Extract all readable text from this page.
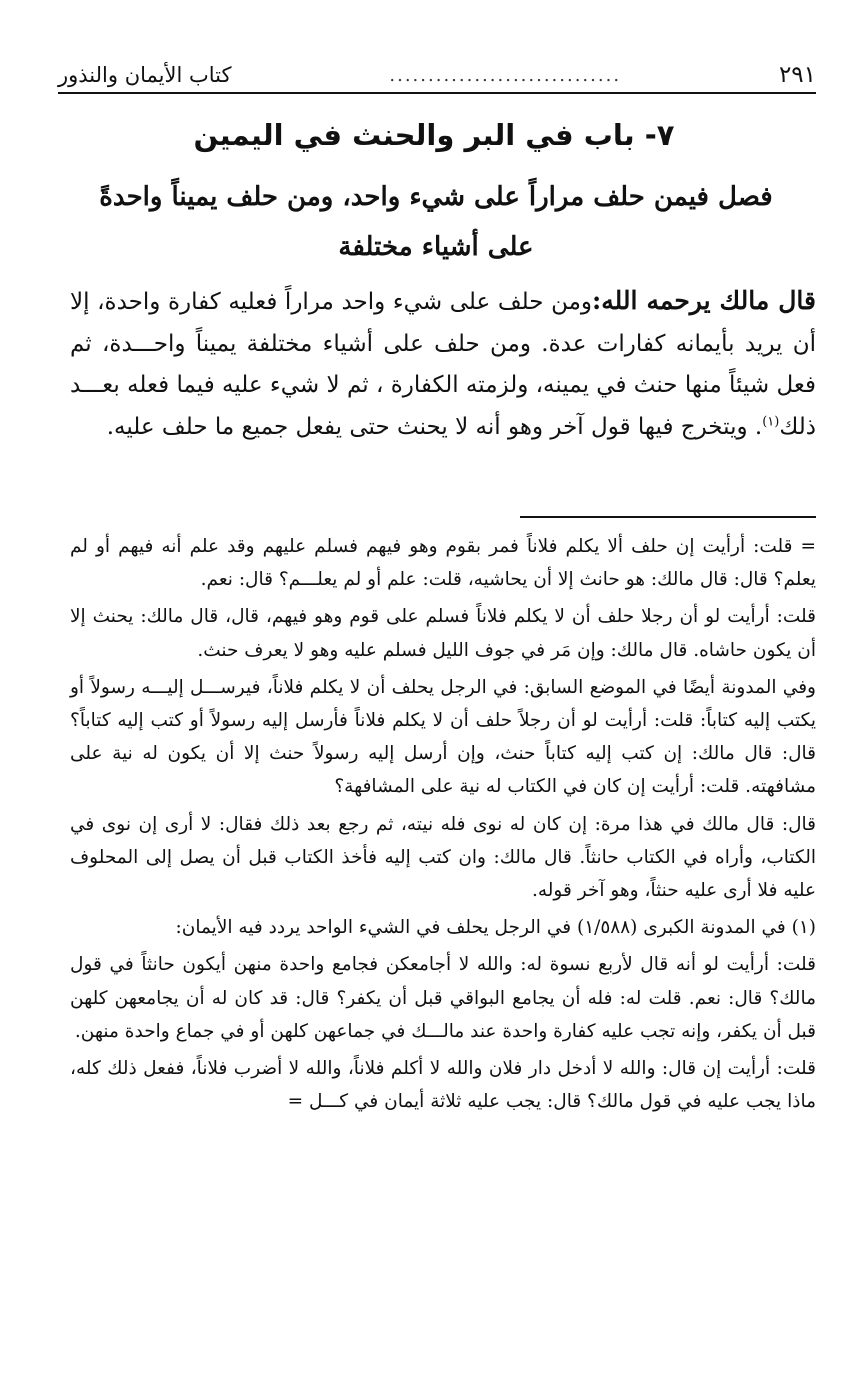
٢٩١
..............................
كتاب الأيمان والنذور
٧- باب في البر والحنث في اليمين
فصل فيمن حلف مراراً على شيء واحد، ومن حلف يميناً واحدةً على أشياء مختلفة
قال مالك يرحمه الله:ومن حلف على شيء واحد مراراً فعليه كفارة واحدة، إلا أن يريد بأيمانه كفارات عدة. ومن حلف على أشياء مختلفة يميناً واحـــدة، ثم فعل شيئاً منها حنث في يمينه، ولزمته الكفارة ، ثم لا شيء عليه فيما فعله بعـــد ذلك$^{(١)}$. ويتخرج فيها قول آخر وهو أنه لا يحنث حتى يفعل جميع ما حلف عليه.

= قلت: أرأيت إن حلف ألا يكلم فلاناً فمر بقوم وهو فيهم فسلم عليهم وقد علم أنه فيهم أو لم يعلم؟ قال: قال مالك: هو حانث إلا أن يحاشيه، قلت: علم أو لم يعلـــم؟ قال: نعم.

قلت: أرأيت لو أن رجلا حلف أن لا يكلم فلاناً فسلم على قوم وهو فيهم، قال، قال مالك: يحنث إلا أن يكون حاشاه. قال مالك: وإن مَر في جوف الليل فسلم عليه وهو لا يعرف حنث.

وفي المدونة أيضًا في الموضع السابق: في الرجل يحلف أن لا يكلم فلاناً، فيرســـل إليـــه رسولاً أو يكتب إليه كتاباً: قلت: أرأيت لو أن رجلاً حلف أن لا يكلم فلاناً فأرسل إليه رسولاً أو كتب إليه كتاباً؟ قال: قال مالك: إن كتب إليه كتاباً حنث، وإن أرسل إليه رسولاً حنث إلا أن يكون له نية على مشافهته. قلت: أرأيت إن كان في الكتاب له نية على المشافهة؟

قال: قال مالك في هذا مرة: إن كان له نوى فله نيته، ثم رجع بعد ذلك فقال: لا أرى إن نوى في الكتاب، وأراه في الكتاب حانثاً. قال مالك: وان كتب إليه فأخذ الكتاب قبل أن يصل إلى المحلوف عليه فلا أرى عليه حنثاً، وهو آخر قوله.

(١) في المدونة الكبرى (١/٥٨٨) في الرجل يحلف في الشيء الواحد يردد فيه الأيمان:

قلت: أرأيت لو أنه قال لأربع نسوة له: والله لا أجامعكن فجامع واحدة منهن أيكون حانثاً في قول مالك؟ قال: نعم. قلت له: فله أن يجامع البواقي قبل أن يكفر؟ قال: قد كان له أن يجامعهن كلهن قبل أن يكفر، وإنه تجب عليه كفارة واحدة عند مالـــك في جماعهن كلهن أو في جماع واحدة منهن.

قلت: أرأيت إن قال: والله لا أدخل دار فلان والله لا أكلم فلاناً، والله لا أضرب فلاناً، ففعل ذلك كله، ماذا يجب عليه في قول مالك؟ قال: يجب عليه ثلاثة أيمان في كـــل =
